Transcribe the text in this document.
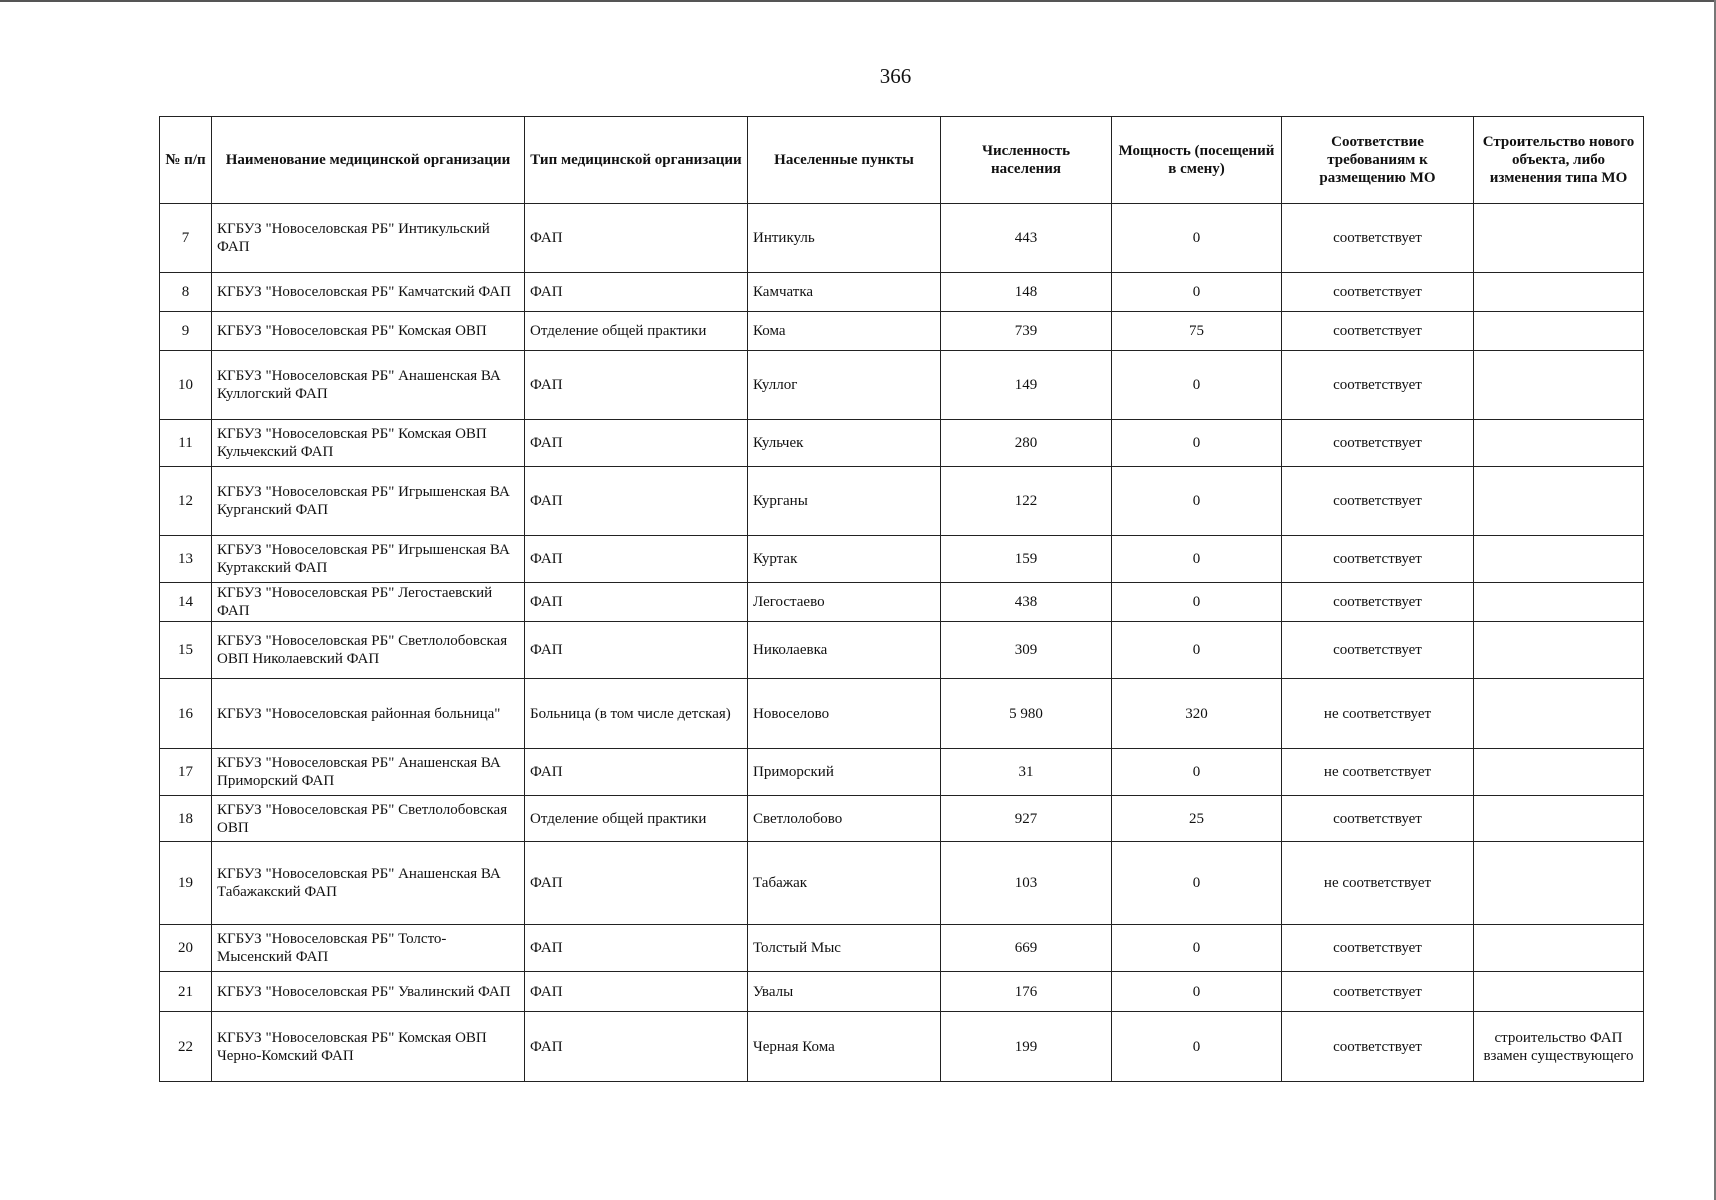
366
№ п/п	Наименование медицинской организации	Тип медицинской организации	Населенные пункты	Численность населения	Мощность (посещений в смену)	Соответствие требованиям к размещению МО	Строительство нового объекта, либо изменения типа МО
7	КГБУЗ "Новоселовская РБ" Интикульский ФАП	ФАП	Интикуль	443	0	соответствует	
8	КГБУЗ "Новоселовская РБ" Камчатский ФАП	ФАП	Камчатка	148	0	соответствует	
9	КГБУЗ "Новоселовская РБ" Комская ОВП	Отделение общей практики	Кома	739	75	соответствует	
10	КГБУЗ "Новоселовская РБ" Анашенская ВА Куллогский ФАП	ФАП	Куллог	149	0	соответствует	
11	КГБУЗ "Новоселовская РБ" Комская ОВП Кульчекский ФАП	ФАП	Кульчек	280	0	соответствует	
12	КГБУЗ "Новоселовская РБ" Игрышенская ВА Курганский ФАП	ФАП	Курганы	122	0	соответствует	
13	КГБУЗ "Новоселовская РБ" Игрышенская ВА Куртакский ФАП	ФАП	Куртак	159	0	соответствует	
14	КГБУЗ "Новоселовская РБ" Легостаевский ФАП	ФАП	Легостаево	438	0	соответствует	
15	КГБУЗ "Новоселовская РБ" Светлолобовская ОВП Николаевский ФАП	ФАП	Николаевка	309	0	соответствует	
16	КГБУЗ "Новоселовская районная больница"	Больница (в том числе детская)	Новоселово	5 980	320	не соответствует	
17	КГБУЗ "Новоселовская РБ" Анашенская ВА Приморский ФАП	ФАП	Приморский	31	0	не соответствует	
18	КГБУЗ "Новоселовская РБ" Светлолобовская ОВП	Отделение общей практики	Светлолобово	927	25	соответствует	
19	КГБУЗ "Новоселовская РБ" Анашенская ВА Табажакский ФАП	ФАП	Табажак	103	0	не соответствует	
20	КГБУЗ "Новоселовская РБ" Толсто-Мысенский ФАП	ФАП	Толстый Мыс	669	0	соответствует	
21	КГБУЗ "Новоселовская РБ" Увалинский ФАП	ФАП	Увалы	176	0	соответствует	
22	КГБУЗ "Новоселовская РБ" Комская ОВП Черно-Комский ФАП	ФАП	Черная Кома	199	0	соответствует	строительство ФАП взамен существующего
